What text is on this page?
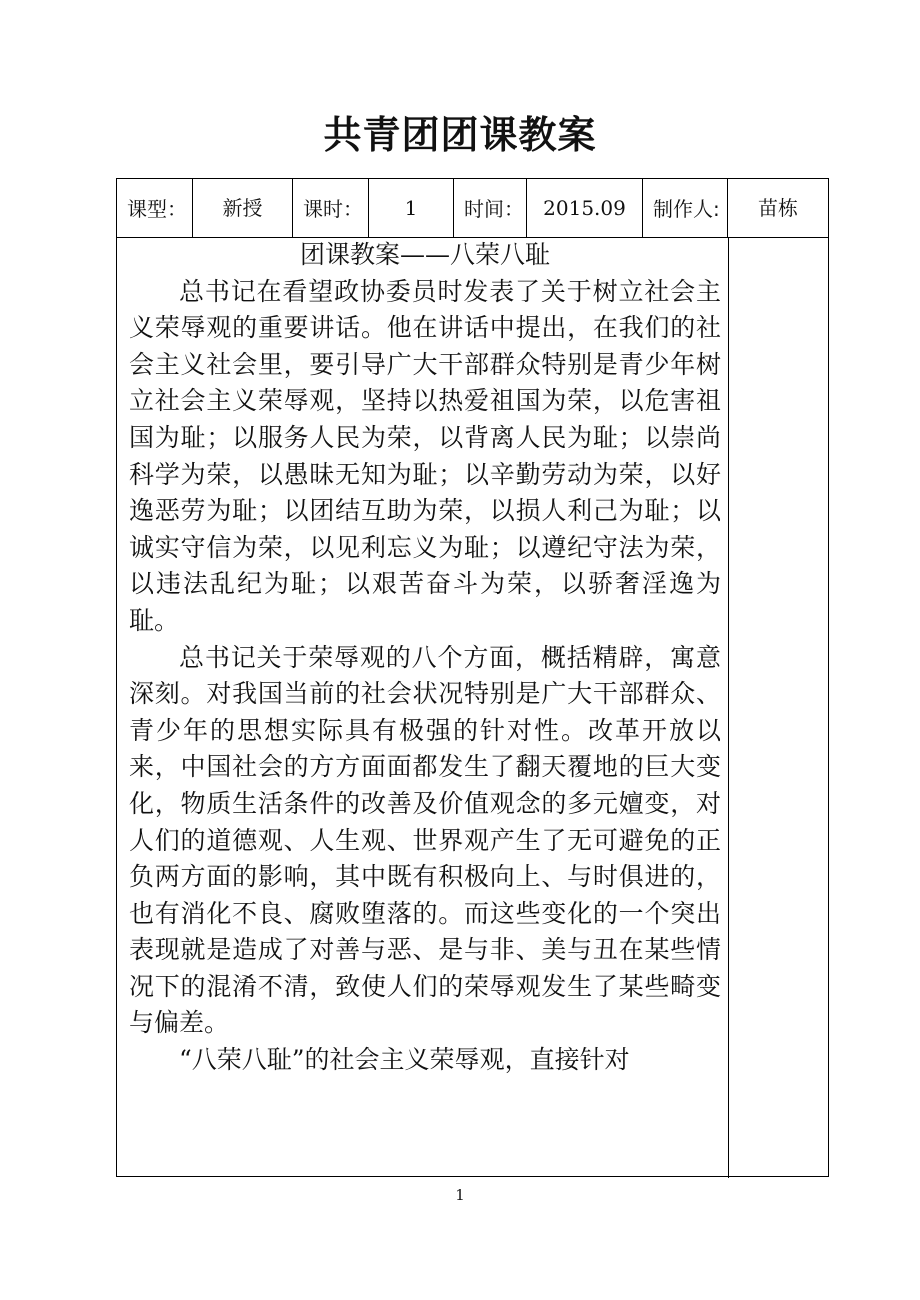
共青团团课教案
课型：	新授	课时：	1	时间： 2015.09	制作人:	苗栋
团课教案——八荣八耻

总书记在看望政协委员时发表了关于树立社会主义荣辱观的重要讲话。他在讲话中提出，在我们的社会主义社会里，要引导广大干部群众特别是青少年树立社会主义荣辱观，坚持以热爱祖国为荣，以危害祖国为耻；以服务人民为荣，以背离人民为耻；以崇尚科学为荣，以愚昧无知为耻；以辛勤劳动为荣，以好逸恶劳为耻；以团结互助为荣，以损人利己为耻；以诚实守信为荣，以见利忘义为耻；以遵纪守法为荣，以违法乱纪为耻；以艰苦奋斗为荣，以骄奢淫逸为耻。

总书记关于荣辱观的八个方面，概括精辟，寓意深刻。对我国当前的社会状况特别是广大干部群众、青少年的思想实际具有极强的针对性。改革开放以来，中国社会的方方面面都发生了翻天覆地的巨大变化，物质生活条件的改善及价值观念的多元嬗变，对人们的道德观、人生观、世界观产生了无可避免的正负两方面的影响，其中既有积极向上、与时俱进的，也有消化不良、腐败堕落的。而这些变化的一个突出表现就是造成了对善与恶、是与非、美与丑在某些情况下的混淆不清，致使人们的荣辱观发生了某些畸变与偏差。

“八荣八耻”的社会主义荣辱观，直接针对

1
